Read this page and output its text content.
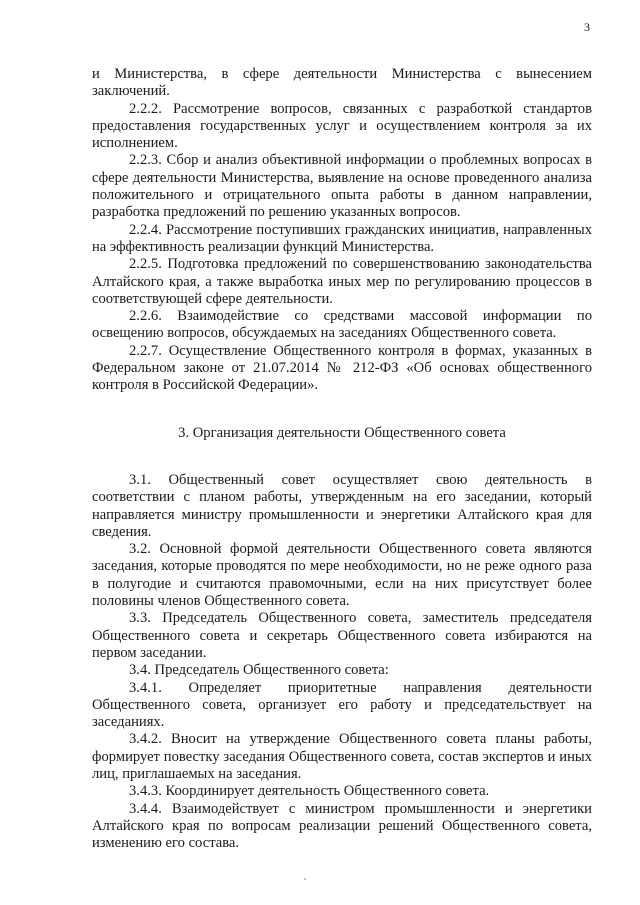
3

и Министерства, в сфере деятельности Министерства с вынесением заключений.

2.2.2. Рассмотрение вопросов, связанных с разработкой стандартов предоставления государственных услуг и осуществлением контроля за их исполнением.

2.2.3. Сбор и анализ объективной информации о проблемных вопросах в сфере деятельности Министерства, выявление на основе проведенного анализа положительного и отрицательного опыта работы в данном направлении, разработка предложений по решению указанных вопросов.

2.2.4. Рассмотрение поступивших гражданских инициатив, направленных на эффективность реализации функций Министерства.

2.2.5. Подготовка предложений по совершенствованию законодательства Алтайского края, а также выработка иных мер по регулированию процессов в соответствующей сфере деятельности.

2.2.6. Взаимодействие со средствами массовой информации по освещению вопросов, обсуждаемых на заседаниях Общественного совета.

2.2.7. Осуществление Общественного контроля в формах, указанных в Федеральном законе от 21.07.2014 № 212-ФЗ «Об основах общественного контроля в Российской Федерации».

3. Организация деятельности Общественного совета

3.1. Общественный совет осуществляет свою деятельность в соответствии с планом работы, утвержденным на его заседании, который направляется министру промышленности и энергетики Алтайского края для сведения.

3.2. Основной формой деятельности Общественного совета являются заседания, которые проводятся по мере необходимости, но не реже одного раза в полугодие и считаются правомочными, если на них присутствует более половины членов Общественного совета.

3.3. Председатель Общественного совета, заместитель председателя Общественного совета и секретарь Общественного совета избираются на первом заседании.

3.4. Председатель Общественного совета:

3.4.1. Определяет приоритетные направления деятельности Общественного совета, организует его работу и председательствует на заседаниях.

3.4.2. Вносит на утверждение Общественного совета планы работы, формирует повестку заседания Общественного совета, состав экспертов и иных лиц, приглашаемых на заседания.

3.4.3. Координирует деятельность Общественного совета.

3.4.4. Взаимодействует с министром промышленности и энергетики Алтайского края по вопросам реализации решений Общественного совета, изменению его состава.
